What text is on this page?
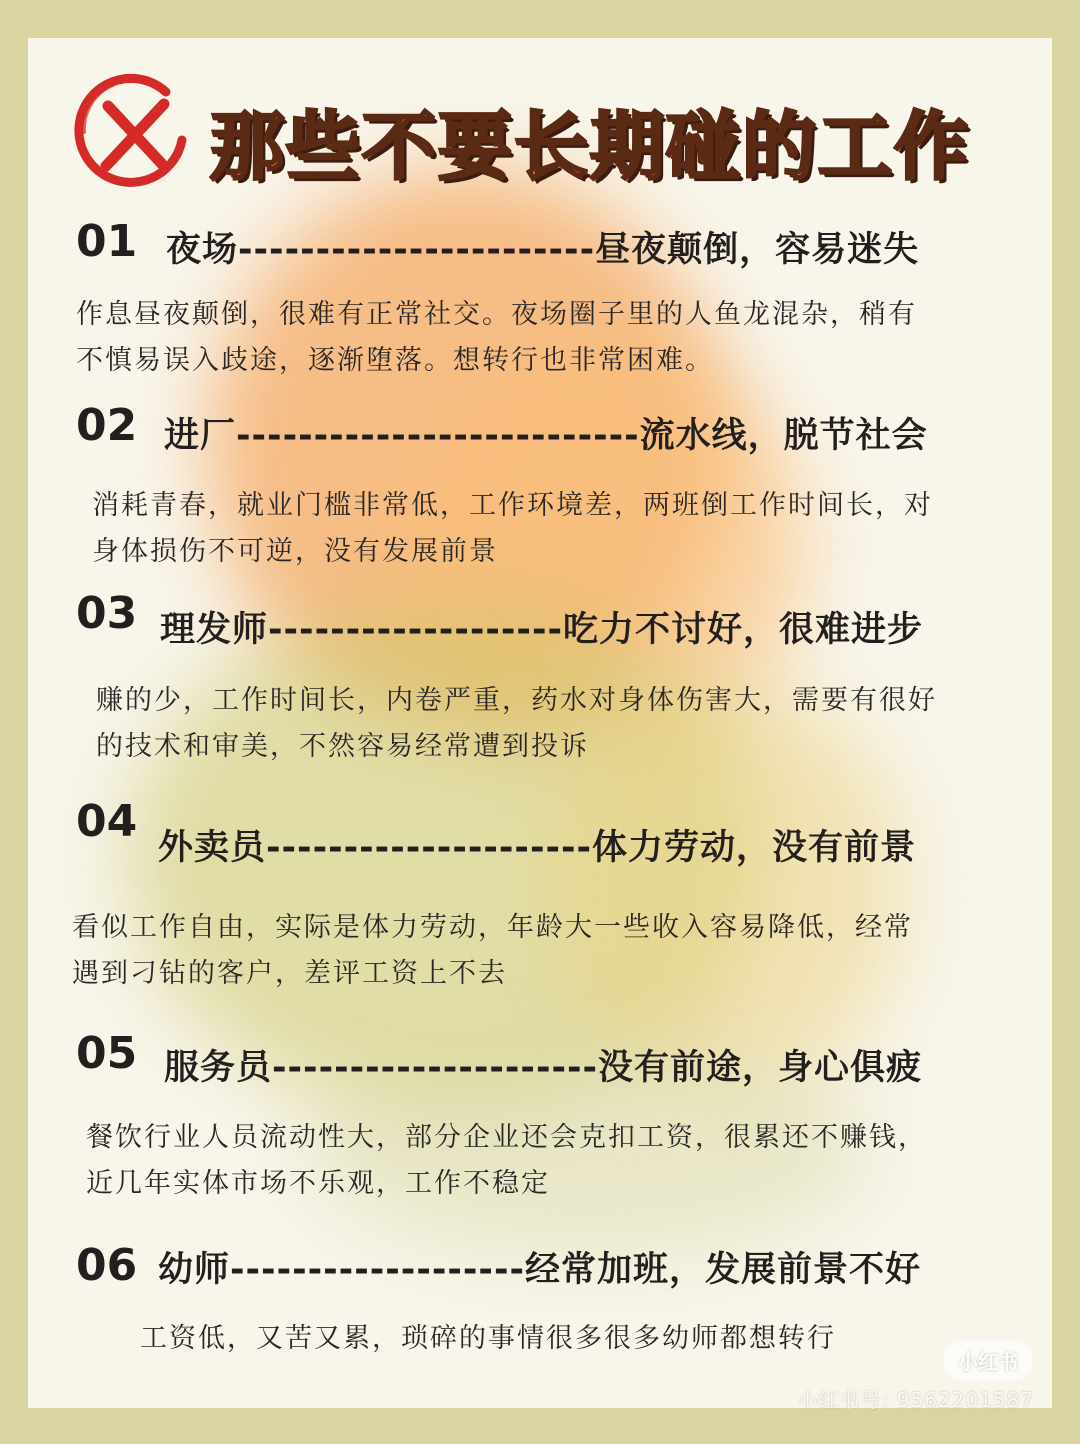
那些不要长期碰的工作
01 夜场-----------------------昼夜颠倒，容易迷失
作息昼夜颠倒，很难有正常社交。夜场圈子里的人鱼龙混杂，稍有
不慎易误入歧途，逐渐堕落。想转行也非常困难。
02 进厂--------------------------流水线，脱节社会
消耗青春，就业门槛非常低，工作环境差，两班倒工作时间长，对
身体损伤不可逆，没有发展前景
03 理发师-------------------吃力不讨好，很难进步
赚的少，工作时间长，内卷严重，药水对身体伤害大，需要有很好
的技术和审美，不然容易经常遭到投诉
04
外卖员---------------------体力劳动，没有前景
看似工作自由，实际是体力劳动，年龄大一些收入容易降低，经常
遇到刁钻的客户，差评工资上不去
05 服务员---------------------没有前途，身心俱疲
餐饮行业人员流动性大，部分企业还会克扣工资，很累还不赚钱，
近几年实体市场不乐观，工作不稳定
06 幼师-------------------经常加班，发展前景不好
工资低，又苦又累，琐碎的事情很多很多幼师都想转行
小红书
小红书号: 9562201587
